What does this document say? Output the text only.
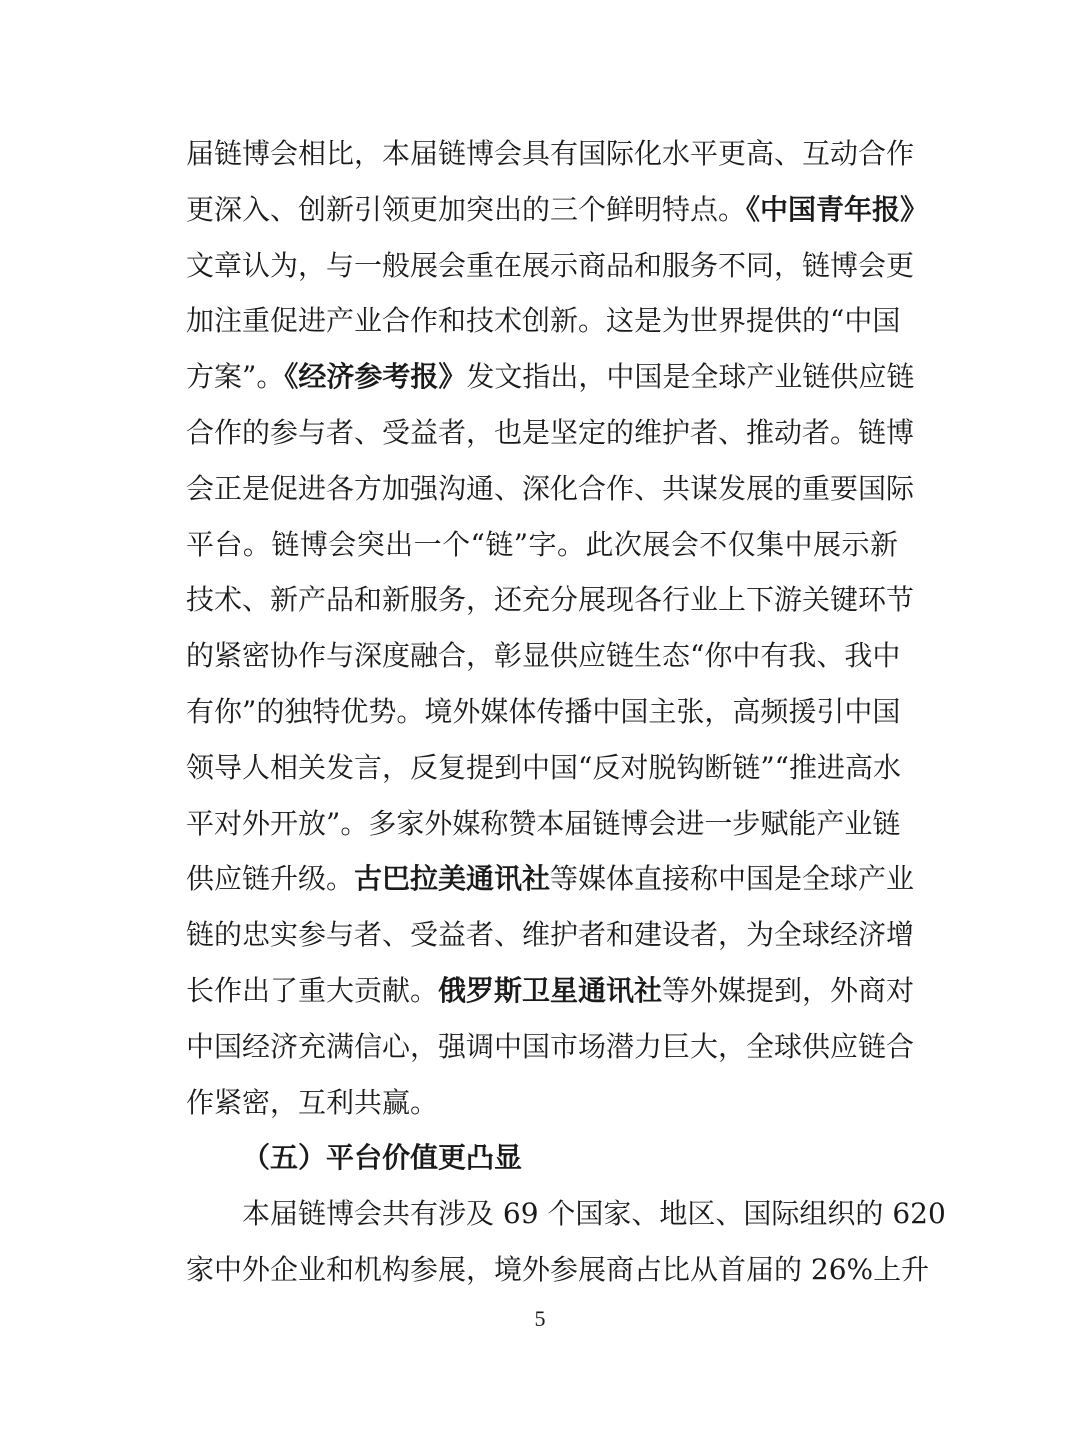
届链博会相比，本届链博会具有国际化水平更高、互动合作
更深入、创新引领更加突出的三个鲜明特点。《中国青年报》
文章认为，与一般展会重在展示商品和服务不同，链博会更
加注重促进产业合作和技术创新。这是为世界提供的“中国
方案”。《经济参考报》发文指出，中国是全球产业链供应链
合作的参与者、受益者，也是坚定的维护者、推动者。链博
会正是促进各方加强沟通、深化合作、共谋发展的重要国际
平台。链博会突出一个“链”字。此次展会不仅集中展示新
技术、新产品和新服务，还充分展现各行业上下游关键环节
的紧密协作与深度融合，彰显供应链生态“你中有我、我中
有你”的独特优势。境外媒体传播中国主张，高频援引中国
领导人相关发言，反复提到中国“反对脱钩断链”“推进高水
平对外开放”。多家外媒称赞本届链博会进一步赋能产业链
供应链升级。古巴拉美通讯社等媒体直接称中国是全球产业
链的忠实参与者、受益者、维护者和建设者，为全球经济增
长作出了重大贡献。俄罗斯卫星通讯社等外媒提到，外商对
中国经济充满信心，强调中国市场潜力巨大，全球供应链合
作紧密，互利共赢。
（五）平台价值更凸显
本届链博会共有涉及 69 个国家、地区、国际组织的 620
家中外企业和机构参展，境外参展商占比从首届的 26%上升
5
